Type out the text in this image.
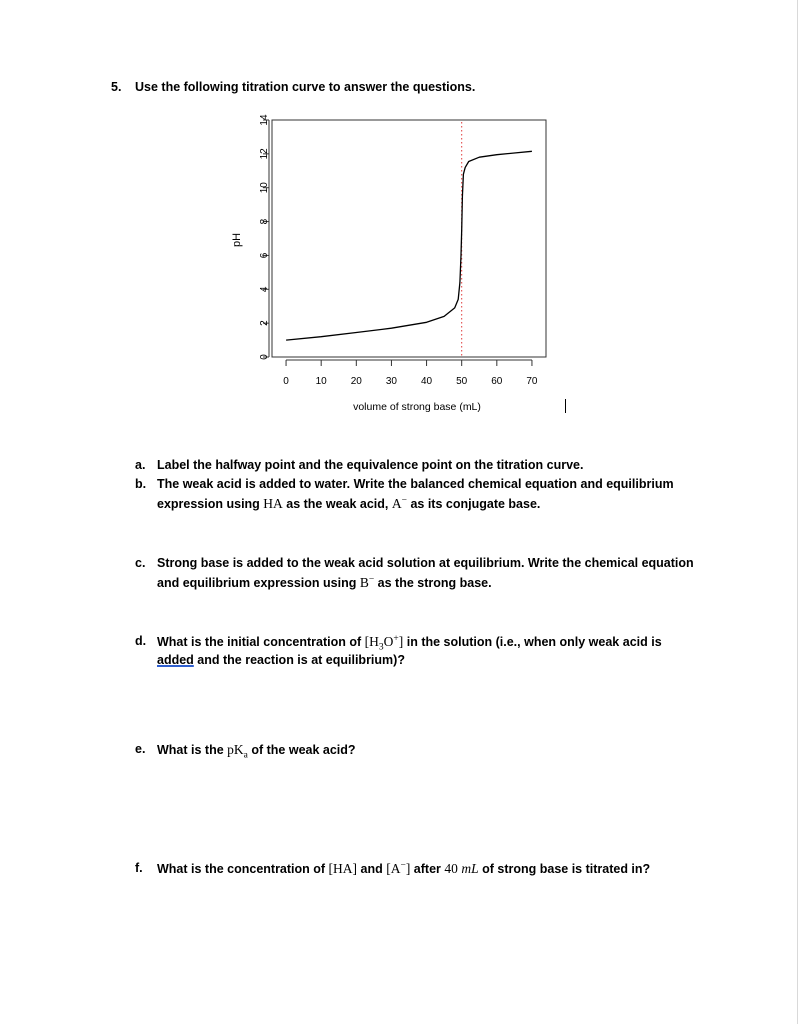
5. Use the following titration curve to answer the questions.
0	10 20 30 40 50 60 70
0
2
4
6
8
10
12
14
volume of strong base (mL)
pH
a. Label the halfway point and the equivalence point on the titration curve.
b. The weak acid is added to water. Write the balanced chemical equation and equilibrium
expression using HA as the weak acid, A− as its conjugate base.
c. Strong base is added to the weak acid solution at equilibrium. Write the chemical equation
and equilibrium expression using B− as the strong base.
d. What is the initial concentration of $[H_3O^+]$ in the solution (i.e., when only weak acid is
added and the reaction is at equilibrium)?
e. What is the $pK_a$ of the weak acid?
f. What is the concentration of [HA] and [A−] after 40 mL of strong base is titrated in?
